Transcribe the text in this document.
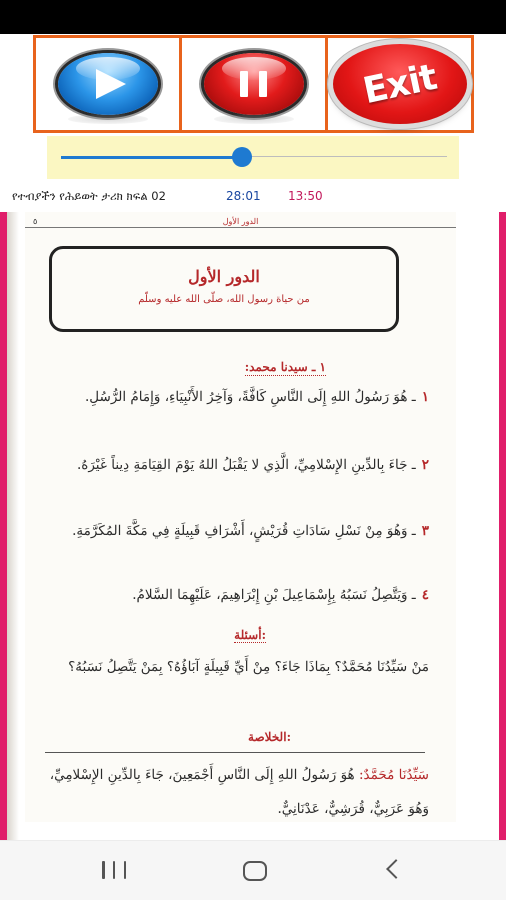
Exit
የተብያችን የሕይወት ታሪክ ክፍል 02	28:01 13:50
٥	الدور الأول
الدور الأول
من حياة رسول الله، صلّى الله عليه وسلّم
١ ـ سيدنا محمد:
١ـ هُوَ رَسُولُ اللهِ إِلَى النَّاسِ كَافَّةً، وَآخِرُ الأَنْبِيَاءِ، وَإِمَامُ الرُّسُلِ.
٢ـ جَاءَ بِالدِّينِ الإِسْلامِيِّ، الَّذِي لا يَقْبَلُ اللهُ يَوْمَ القِيَامَةِ دِيناً غَيْرَهُ.
٣ـ وَهُوَ مِنْ نَسْلِ سَادَاتِ قُرَيْشٍ، أَشْرَافِ قَبِيلَةٍ فِي مَكَّةَ المُكَرَّمَةِ.
٤ـ وَيَتَّصِلُ نَسَبُهُ بِإِسْمَاعِيلَ بْنِ إِبْرَاهِيمَ، عَلَيْهِمَا السَّلامُ.
أسئلة:
مَنْ سَيِّدُنَا مُحَمَّدٌ؟ بِمَاذَا جَاءَ؟ مِنْ أَيِّ قَبِيلَةٍ آبَاؤُهُ؟ بِمَنْ يَتَّصِلُ نَسَبُهُ؟
الخلاصة:
سَيِّدُنَا مُحَمَّدٌ: هُوَ رَسُولُ اللهِ إِلَى النَّاسِ أَجْمَعِينَ، جَاءَ بِالدِّينِ الإِسْلامِيِّ، وَهُوَ عَرَبِيٌّ، قُرَشِيٌّ، عَدْنَانِيٌّ.
